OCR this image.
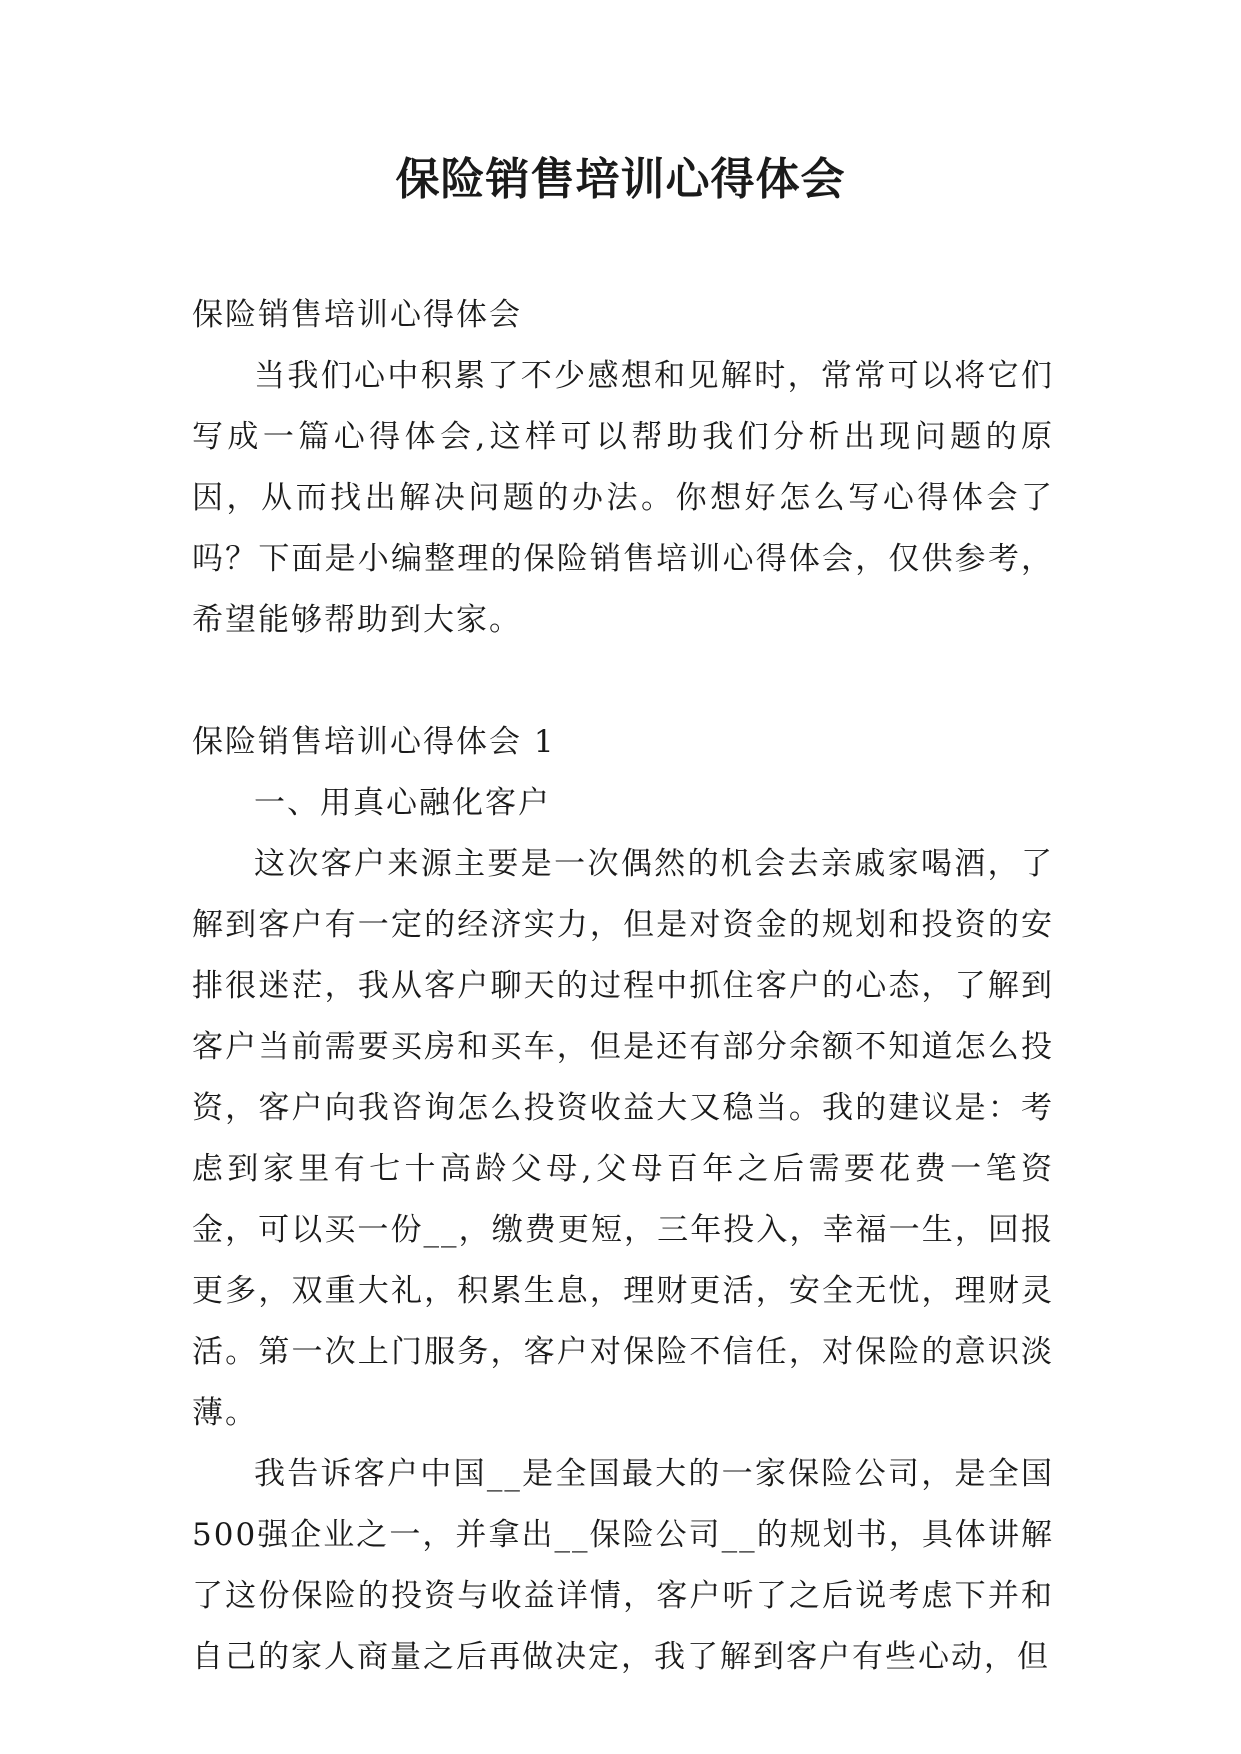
保险销售培训心得体会

保险销售培训心得体会

当我们心中积累了不少感想和见解时，常常可以将它们写成一篇心得体会,这样可以帮助我们分析出现问题的原因，从而找出解决问题的办法。你想好怎么写心得体会了吗？下面是小编整理的保险销售培训心得体会，仅供参考，希望能够帮助到大家。

保险销售培训心得体会 1

一、用真心融化客户

这次客户来源主要是一次偶然的机会去亲戚家喝酒，了解到客户有一定的经济实力，但是对资金的规划和投资的安排很迷茫，我从客户聊天的过程中抓住客户的心态，了解到客户当前需要买房和买车，但是还有部分余额不知道怎么投资，客户向我咨询怎么投资收益大又稳当。我的建议是：考虑到家里有七十高龄父母,父母百年之后需要花费一笔资金，可以买一份__，缴费更短，三年投入，幸福一生，回报更多，双重大礼，积累生息，理财更活，安全无忧，理财灵活。第一次上门服务，客户对保险不信任，对保险的意识淡薄。

我告诉客户中国__是全国最大的一家保险公司，是全国500强企业之一，并拿出__保险公司__的规划书，具体讲解了这份保险的投资与收益详情，客户听了之后说考虑下并和自己的家人商量之后再做决定，我了解到客户有些心动，但
